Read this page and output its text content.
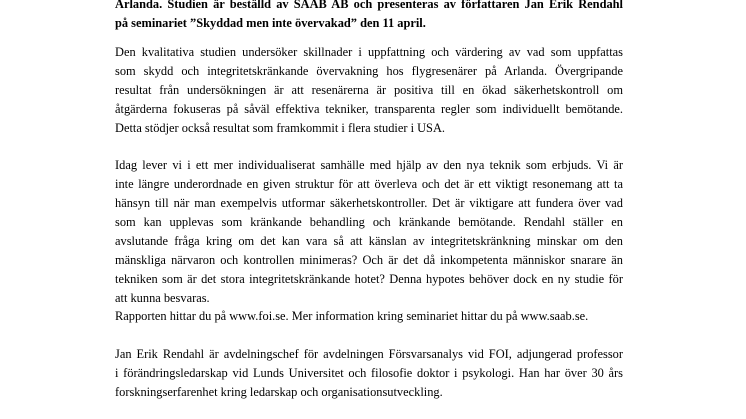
Arlanda. Studien är beställd av SAAB AB och presenteras av författaren Jan Erik Rendahl
på seminariet ”Skyddad men inte övervakad” den 11 april.
Den kvalitativa studien undersöker skillnader i uppfattning och värdering av vad som uppfattas
som skydd och integritetskränkande övervakning hos flygresenärer på Arlanda. Övergripande
resultat från undersökningen är att resenärerna är positiva till en ökad säkerhetskontroll om
åtgärderna fokuseras på såväl effektiva tekniker, transparenta regler som individuellt bemötande.
Detta stödjer också resultat som framkommit i flera studier i USA.
Idag lever vi i ett mer individualiserat samhälle med hjälp av den nya teknik som erbjuds. Vi är
inte längre underordnade en given struktur för att överleva och det är ett viktigt resonemang att ta
hänsyn till när man exempelvis utformar säkerhetskontroller. Det är viktigare att fundera över vad
som kan upplevas som kränkande behandling och kränkande bemötande. Rendahl ställer en
avslutande fråga kring om det kan vara så att känslan av integritetskränkning minskar om den
mänskliga närvaron och kontrollen minimeras? Och är det då inkompetenta människor snarare än
tekniken som är det stora integritetskränkande hotet? Denna hypotes behöver dock en ny studie för
att kunna besvaras.
Rapporten hittar du på www.foi.se. Mer information kring seminariet hittar du på www.saab.se.
Jan Erik Rendahl är avdelningschef för avdelningen Försvarsanalys vid FOI, adjungerad professor
i förändringsledarskap vid Lunds Universitet och filosofie doktor i psykologi. Han har över 30 års
forskningserfarenhet kring ledarskap och organisationsutveckling.
